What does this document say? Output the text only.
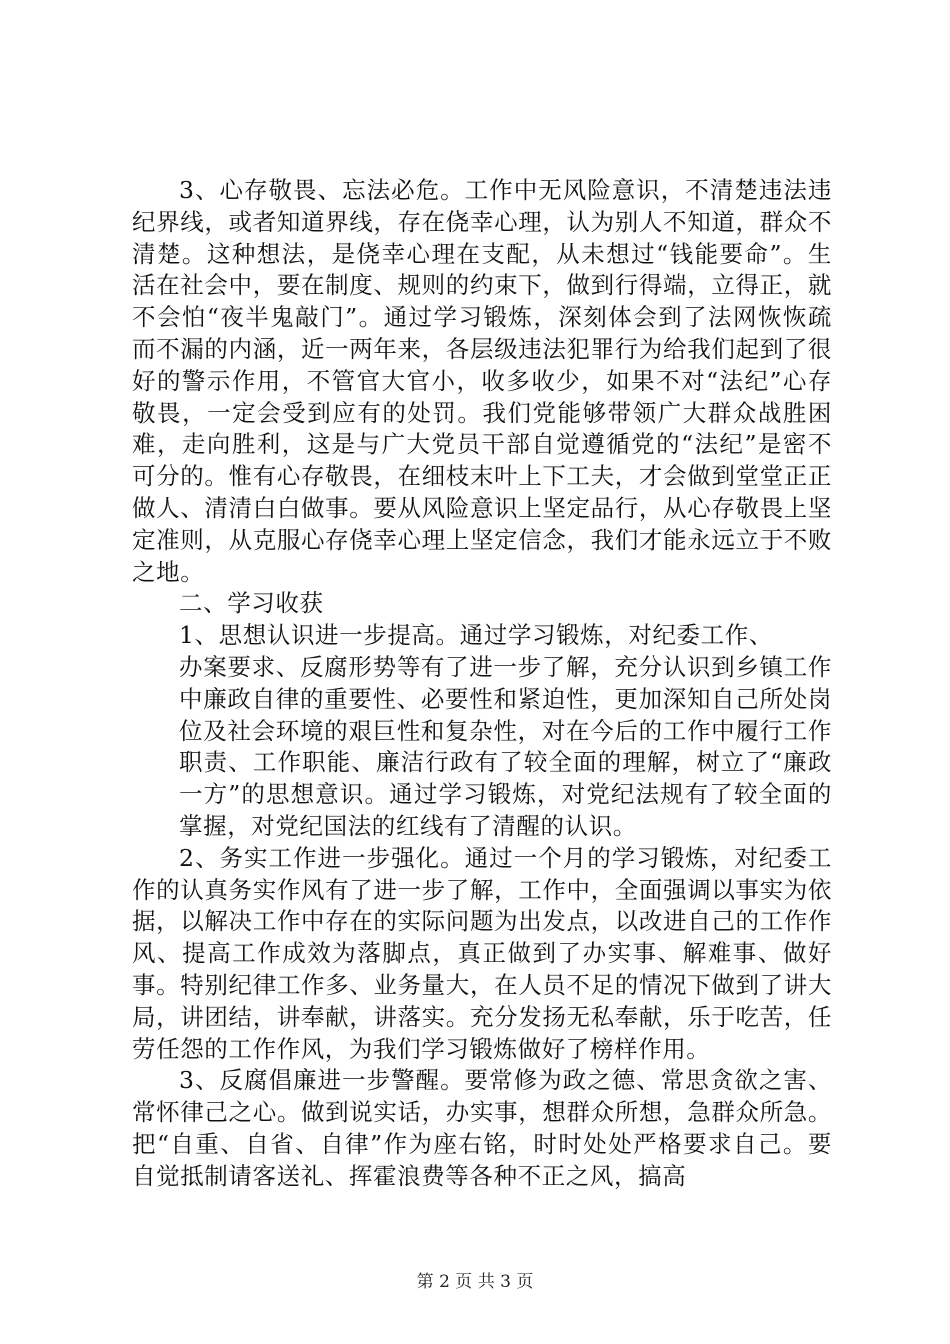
3、心存敬畏、忘法必危。工作中无风险意识，不清楚违法违纪界线，或者知道界线，存在侥幸心理，认为别人不知道，群众不清楚。这种想法，是侥幸心理在支配，从未想过“钱能要命”。生活在社会中，要在制度、规则的约束下，做到行得端，立得正，就不会怕“夜半鬼敲门”。通过学习锻炼，深刻体会到了法网恢恢疏而不漏的内涵，近一两年来，各层级违法犯罪行为给我们起到了很好的警示作用，不管官大官小，收多收少，如果不对“法纪”心存敬畏，一定会受到应有的处罚。我们党能够带领广大群众战胜困难，走向胜利，这是与广大党员干部自觉遵循党的“法纪”是密不可分的。惟有心存敬畏，在细枝末叶上下工夫，才会做到堂堂正正做人、清清白白做事。要从风险意识上坚定品行，从心存敬畏上坚定准则，从克服心存侥幸心理上坚定信念，我们才能永远立于不败之地。

二、学习收获

1、思想认识进一步提高。通过学习锻炼，对纪委工作、

办案要求、反腐形势等有了进一步了解，充分认识到乡镇工作中廉政自律的重要性、必要性和紧迫性，更加深知自己所处岗位及社会环境的艰巨性和复杂性，对在今后的工作中履行工作职责、工作职能、廉洁行政有了较全面的理解，树立了“廉政一方”的思想意识。通过学习锻炼，对党纪法规有了较全面的掌握，对党纪国法的红线有了清醒的认识。

2、务实工作进一步强化。通过一个月的学习锻炼，对纪委工作的认真务实作风有了进一步了解，工作中，全面强调以事实为依据，以解决工作中存在的实际问题为出发点，以改进自己的工作作风、提高工作成效为落脚点，真正做到了办实事、解难事、做好事。特别纪律工作多、业务量大，在人员不足的情况下做到了讲大局，讲团结，讲奉献，讲落实。充分发扬无私奉献，乐于吃苦，任劳任怨的工作作风，为我们学习锻炼做好了榜样作用。

3、反腐倡廉进一步警醒。要常修为政之德、常思贪欲之害、常怀律己之心。做到说实话，办实事，想群众所想，急群众所急。把“自重、自省、自律”作为座右铭，时时处处严格要求自己。要自觉抵制请客送礼、挥霍浪费等各种不正之风，搞高

第 2 页 共 3 页
